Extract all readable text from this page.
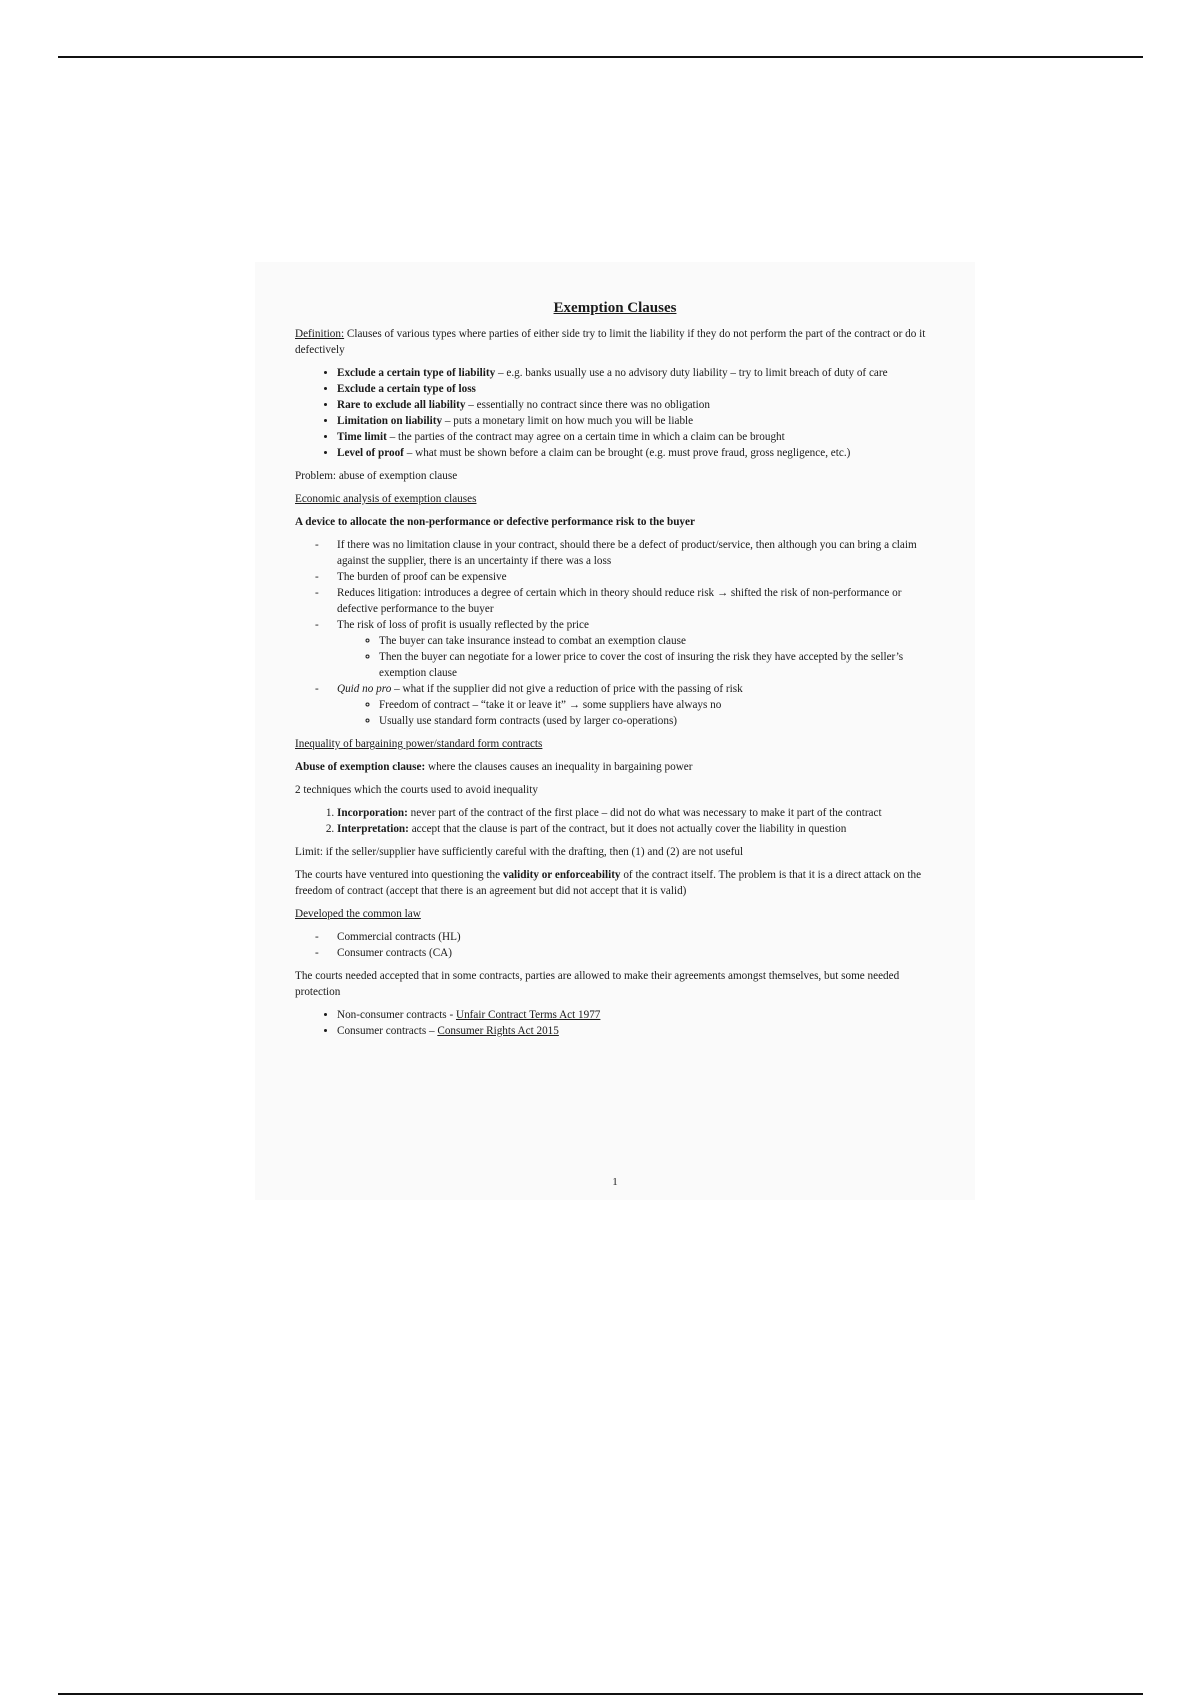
Exemption Clauses

Definition: Clauses of various types where parties of either side try to limit the liability if they do not perform the part of the contract or do it defectively

• Exclude a certain type of liability – e.g. banks usually use a no advisory duty liability – try to limit breach of duty of care
• Exclude a certain type of loss
• Rare to exclude all liability – essentially no contract since there was no obligation
• Limitation on liability – puts a monetary limit on how much you will be liable
• Time limit – the parties of the contract may agree on a certain time in which a claim can be brought
• Level of proof – what must be shown before a claim can be brought (e.g. must prove fraud, gross negligence, etc.)

Problem: abuse of exemption clause

Economic analysis of exemption clauses

A device to allocate the non-performance or defective performance risk to the buyer

- If there was no limitation clause in your contract, should there be a defect of product/service, then although you can bring a claim against the supplier, there is an uncertainty if there was a loss
- The burden of proof can be expensive
- Reduces litigation: introduces a degree of certain which in theory should reduce risk → shifted the risk of non-performance or defective performance to the buyer
- The risk of loss of profit is usually reflected by the price
◦ The buyer can take insurance instead to combat an exemption clause
◦ Then the buyer can negotiate for a lower price to cover the cost of insuring the risk they have accepted by the seller’s exemption clause
- Quid no pro – what if the supplier did not give a reduction of price with the passing of risk
◦ Freedom of contract – “take it or leave it” → some suppliers have always no
◦ Usually use standard form contracts (used by larger co-operations)

Inequality of bargaining power/standard form contracts

Abuse of exemption clause: where the clauses causes an inequality in bargaining power

2 techniques which the courts used to avoid inequality

1. Incorporation: never part of the contract of the first place – did not do what was necessary to make it part of the contract
2. Interpretation: accept that the clause is part of the contract, but it does not actually cover the liability in question

Limit: if the seller/supplier have sufficiently careful with the drafting, then (1) and (2) are not useful

The courts have ventured into questioning the validity or enforceability of the contract itself. The problem is that it is a direct attack on the freedom of contract (accept that there is an agreement but did not accept that it is valid)

Developed the common law

- Commercial contracts (HL)
- Consumer contracts (CA)

The courts needed accepted that in some contracts, parties are allowed to make their agreements amongst themselves, but some needed protection

• Non-consumer contracts - Unfair Contract Terms Act 1977
• Consumer contracts – Consumer Rights Act 2015
1
